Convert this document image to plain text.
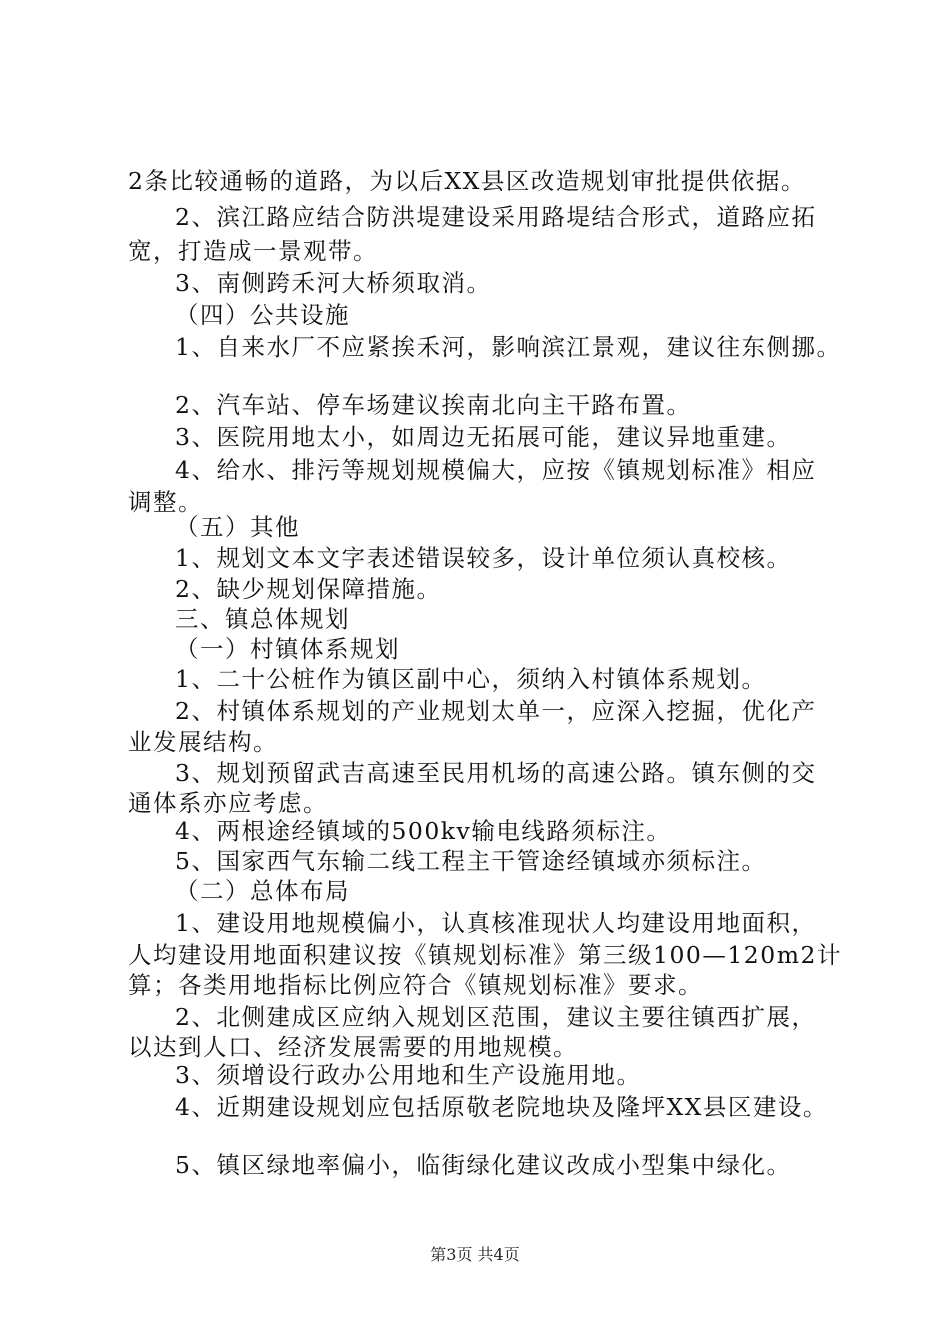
2条比较通畅的道路，为以后XX县区改造规划审批提供依据。
2、滨江路应结合防洪堤建设采用路堤结合形式，道路应拓
宽，打造成一景观带。
3、南侧跨禾河大桥须取消。
（四）公共设施
1、自来水厂不应紧挨禾河，影响滨江景观，建议往东侧挪。
2、汽车站、停车场建议挨南北向主干路布置。
3、医院用地太小，如周边无拓展可能，建议异地重建。
4、给水、排污等规划规模偏大，应按《镇规划标准》相应
调整。
（五）其他
1、规划文本文字表述错误较多，设计单位须认真校核。
2、缺少规划保障措施。
三、镇总体规划
（一）村镇体系规划
1、二十公桩作为镇区副中心，须纳入村镇体系规划。
2、村镇体系规划的产业规划太单一，应深入挖掘，优化产
业发展结构。
3、规划预留武吉高速至民用机场的高速公路。镇东侧的交
通体系亦应考虑。
4、两根途经镇域的500kv输电线路须标注。
5、国家西气东输二线工程主干管途经镇域亦须标注。
（二）总体布局
1、建设用地规模偏小，认真核准现状人均建设用地面积，
人均建设用地面积建议按《镇规划标准》第三级100—120m2计
算；各类用地指标比例应符合《镇规划标准》要求。
2、北侧建成区应纳入规划区范围，建议主要往镇西扩展，
以达到人口、经济发展需要的用地规模。
3、须增设行政办公用地和生产设施用地。
4、近期建设规划应包括原敬老院地块及隆坪XX县区建设。
5、镇区绿地率偏小，临街绿化建议改成小型集中绿化。
第3页 共4页
